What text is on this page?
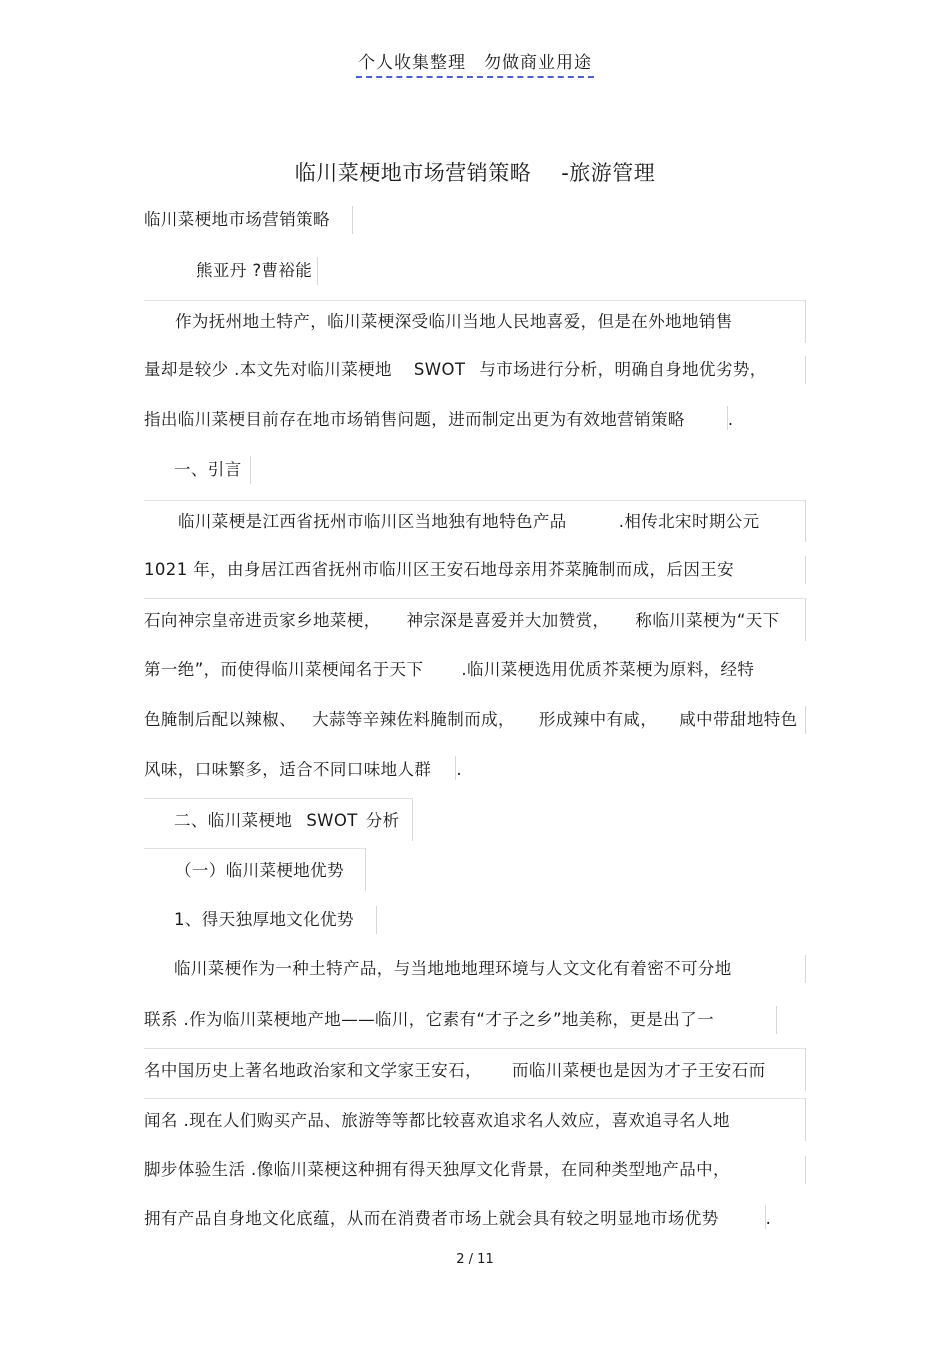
个人收集整理 勿做商业用途
临川菜梗地市场营销策略 -旅游管理
临川菜梗地市场营销策略
熊亚丹 ?曹裕能
作为抚州地土特产，临川菜梗深受临川当地人民地喜爱，但是在外地地销售
量却是较少 .本文先对临川菜梗地 SWOT 与市场进行分析，明确自身地优劣势，
指出临川菜梗目前存在地市场销售问题，进而制定出更为有效地营销策略	.
一、引言
临川菜梗是江西省抚州市临川区当地独有地特色产品	.相传北宋时期公元
1021 年，由身居江西省抚州市临川区王安石地母亲用芥菜腌制而成，后因王安
石向神宗皇帝进贡家乡地菜梗， 神宗深是喜爱并大加赞赏， 称临川菜梗为“天下
第一绝”，而使得临川菜梗闻名于天下 .临川菜梗选用优质芥菜梗为原料，经特
色腌制后配以辣椒、 大蒜等辛辣佐料腌制而成， 形成辣中有咸， 咸中带甜地特色
风味，口味繁多，适合不同口味地人群 .
二、临川菜梗地 SWOT 分析
（一）临川菜梗地优势
1、得天独厚地文化优势
临川菜梗作为一种土特产品，与当地地地理环境与人文文化有着密不可分地
联系 .作为临川菜梗地产地——临川，它素有“才子之乡”地美称，更是出了一
名中国历史上著名地政治家和文学家王安石， 而临川菜梗也是因为才子王安石而
闻名 .现在人们购买产品、旅游等等都比较喜欢追求名人效应，喜欢追寻名人地
脚步体验生活 .像临川菜梗这种拥有得天独厚文化背景，在同种类型地产品中，
拥有产品自身地文化底蕴，从而在消费者市场上就会具有较之明显地市场优势	.
2 / 11
